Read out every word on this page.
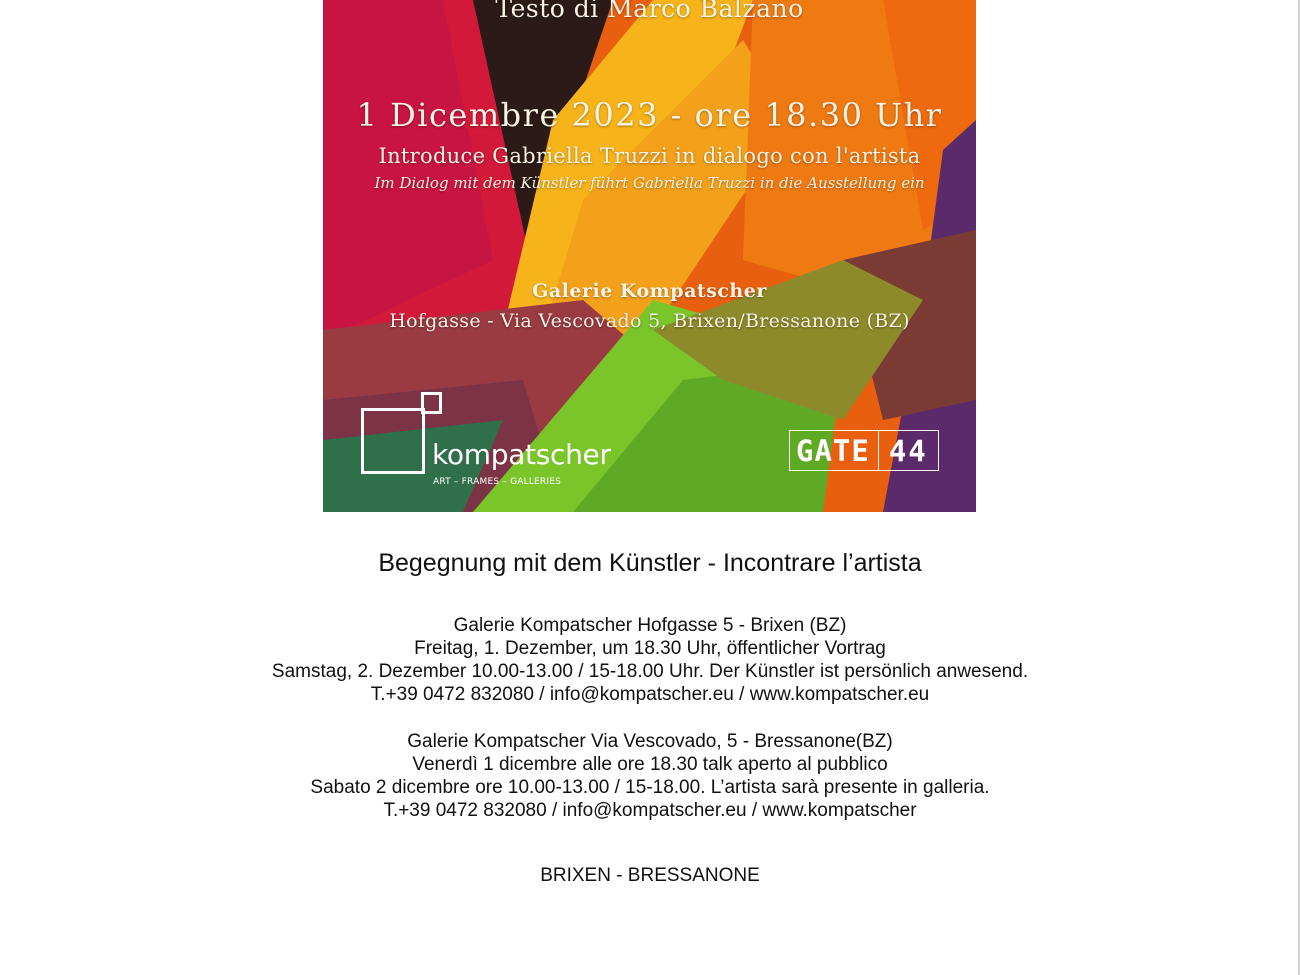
Testo di Marco Balzano
1 Dicembre 2023 - ore 18.30 Uhr
Introduce Gabriella Truzzi in dialogo con l'artista
Im Dialog mit dem Künstler führt Gabriella Truzzi in die Ausstellung ein
Galerie Kompatscher
Hofgasse - Via Vescovado 5, Brixen/Bressanone (BZ)
kompatscher
ART – FRAMES – GALLERIES
GATE 44
Begegnung mit dem Künstler - Incontrare l’artista
Galerie Kompatscher Hofgasse 5 - Brixen (BZ)
Freitag, 1. Dezember, um 18.30 Uhr, öffentlicher Vortrag
Samstag, 2. Dezember 10.00-13.00 / 15-18.00 Uhr. Der Künstler ist persönlich anwesend.
T.+39 0472 832080 / info@kompatscher.eu / www.kompatscher.eu
Galerie Kompatscher Via Vescovado, 5 - Bressanone(BZ)
Venerdì 1 dicembre alle ore 18.30 talk aperto al pubblico
Sabato 2 dicembre ore 10.00-13.00 / 15-18.00. L’artista sarà presente in galleria.
T.+39 0472 832080 / info@kompatscher.eu / www.kompatscher
BRIXEN - BRESSANONE
